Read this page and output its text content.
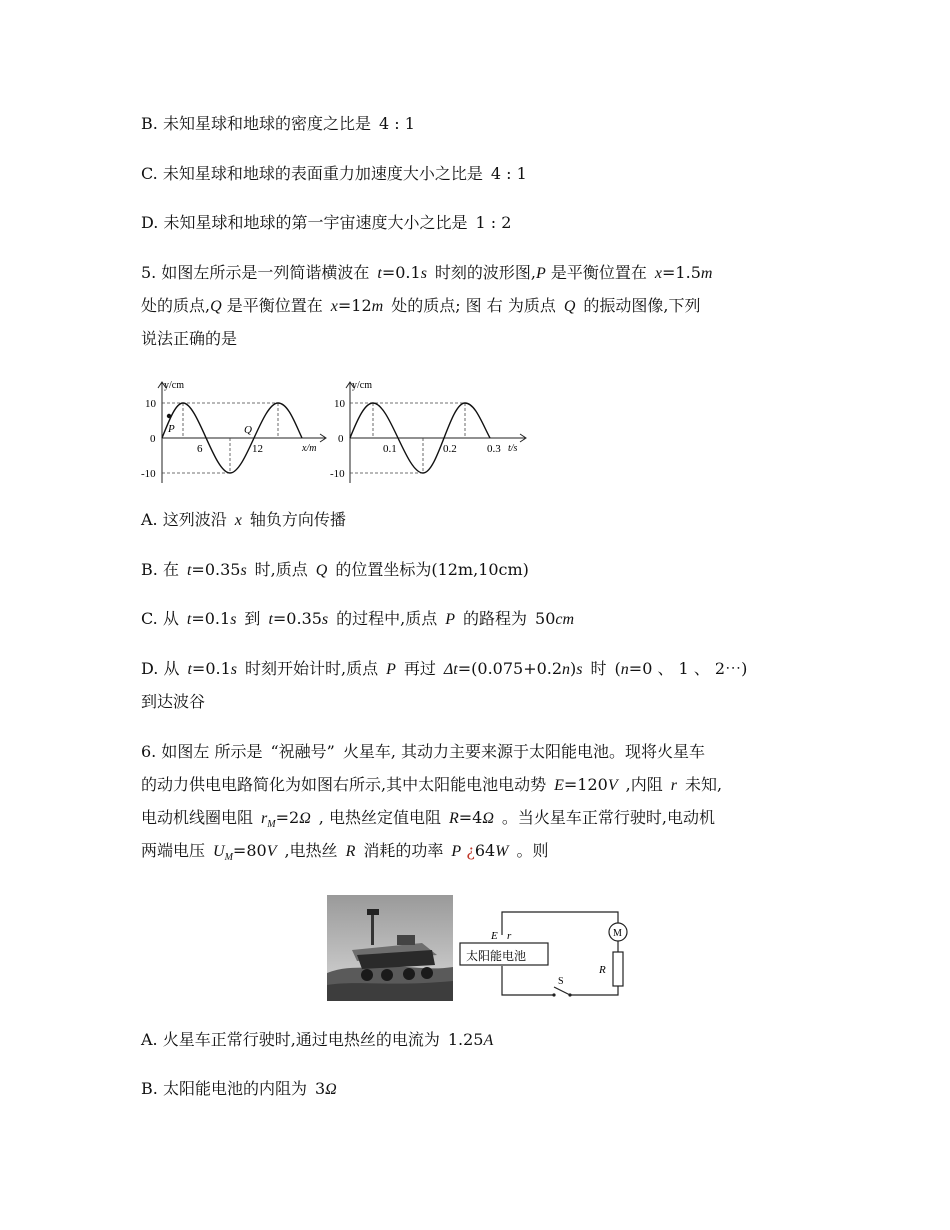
B. 未知星球和地球的密度之比是 4 : 1
C. 未知星球和地球的表面重力加速度大小之比是 4 : 1
D. 未知星球和地球的第一宇宙速度大小之比是 1 : 2
5. 如图左所示是一列简谐横波在 t=0.1s 时刻的波形图,P 是平衡位置在 x=1.5m
处的质点,Q 是平衡位置在 x=12m 处的质点; 图 右 为质点 Q 的振动图像,下列
说法正确的是
y/cm
10
0
-10
6	12	x/m
P	Q
y/cm
10
0
-10
0.1	0.2	0.3 t/s
A. 这列波沿 x 轴负方向传播
B. 在 t=0.35s 时,质点 Q 的位置坐标为(12m,10cm)
C. 从 t=0.1s 到 t=0.35s 的过程中,质点 P 的路程为 50cm
D. 从 t=0.1s 时刻开始计时,质点 P 再过 Δt=(0.075+0.2n)s 时 (n=0 、 1 、 2⋯)
到达波谷
6. 如图左 所示是 “祝融号” 火星车, 其动力主要来源于太阳能电池。现将火星车
的动力供电电路简化为如图右所示,其中太阳能电池电动势 E=120V ,内阻 r 未知,
电动机线圈电阻 $r_M=2\Omega$ , 电热丝定值电阻 R=4Ω 。当火星车正常行驶时,电动机
两端电压 $U_M=80V$ ,电热丝 R 消耗的功率 P ¿64W 。则
E r
太阳能电池
M
R
S
A. 火星车正常行驶时,通过电热丝的电流为 1.25A
B. 太阳能电池的内阻为 3Ω
